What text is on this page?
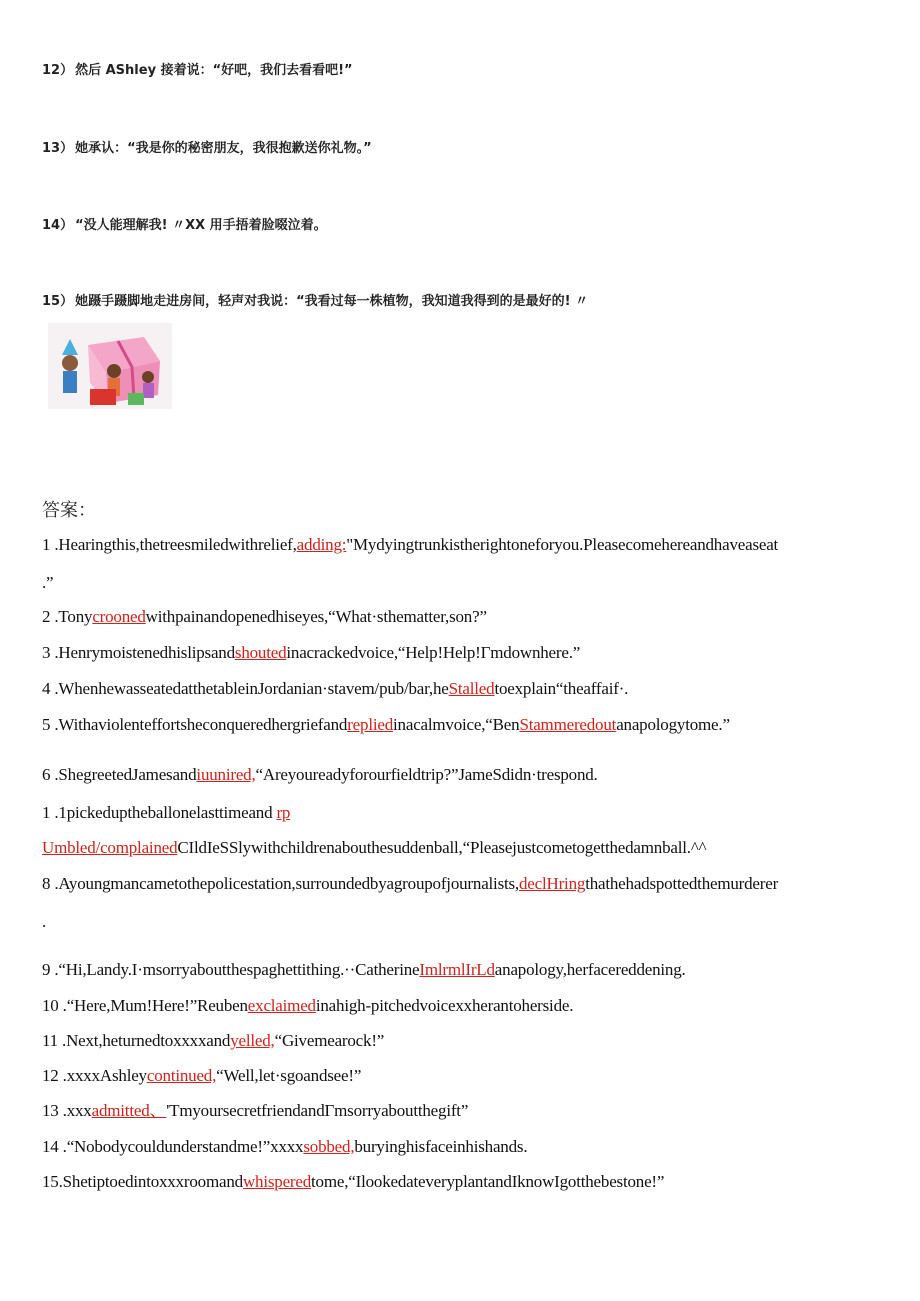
12） 然后 AShley 接着说：“好吧，我们去看看吧!”
13） 她承认：“我是你的秘密朋友，我很抱歉送你礼物。”
14） “没人能理解我! 〃XX 用手捂着脸啜泣着。
15） 她蹑手蹑脚地走进房间，轻声对我说：“我看过每一株植物，我知道我得到的是最好的! 〃
答案：
1 .Hearingthis,thetreesmiledwithrelief,adding:"Mydyingtrunkistherightoneforyou.Pleasecomehereandhaveaseat
.”
2 .Tonycroonedwithpainandopenedhiseyes,“What·sthematter,son?”
3 .Henrymoistenedhislipsandshoutedinacrackedvoice,“Help!Help!Γmdownhere.”
4 .WhenhewasseatedatthetableinJordanian·stavem/pub/bar,heStalledtoexplain“theaffaif·.
5 .Withaviolenteffortsheconqueredhergriefandrepliedinacalmvoice,“BenStammeredoutanapologytome.”
6 .ShegreetedJamesandiuunired,“Areyoureadyforourfieldtrip?”JameSdidn·trespond.
1 .1pickeduptheballonelasttimeand rp
Umbled/complainedCIldIeSSlywithchildrenabouthesuddenball,“Pleasejustcometogetthedamnball.^^
8 .Ayoungmancametothepolicestation,surroundedbyagroupofjournalists,declHringthathehadspottedthemurderer
.
9 .“Hi,Landy.I·msorryaboutthespaghettithing.··CatherineImlrmlIrLdanapology,herfacereddening.
10 .“Here,Mum!Here!”Reubenexclaimedinahigh-pitchedvoicexxherantoherside.
11 .Next,heturnedtoxxxxandyelled,“Givemearock!”
12 .xxxxAshleycontinued,“Well,let·sgoandsee!”
13 .xxxadmitted、'TmyoursecretfriendandΓmsorryaboutthegift”
14 .“Nobodycouldunderstandme!”xxxxsobbed,buryinghisfaceinhishands.
15.Shetiptoedintoxxxroomandwhisperedtome,“IlookedateveryplantandIknowIgotthebestone!”
